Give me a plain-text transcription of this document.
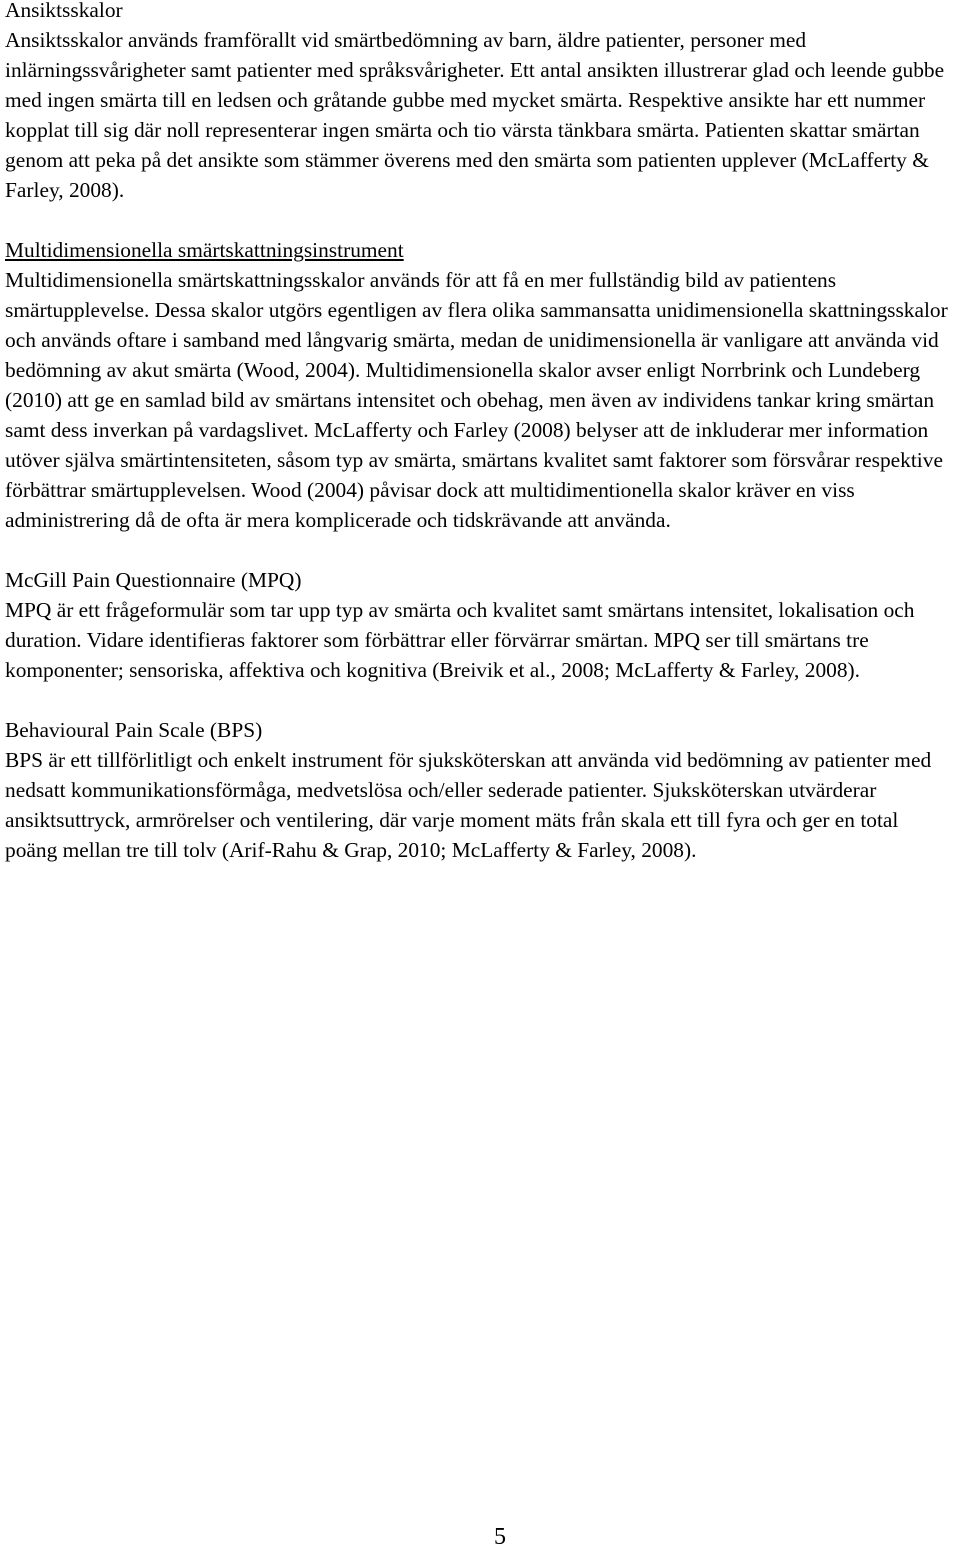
Ansiktsskalor
Ansiktsskalor används framförallt vid smärtbedömning av barn, äldre patienter, personer med inlärningssvårigheter samt patienter med språksvårigheter. Ett antal ansikten illustrerar glad och leende gubbe med ingen smärta till en ledsen och gråtande gubbe med mycket smärta. Respektive ansikte har ett nummer kopplat till sig där noll representerar ingen smärta och tio värsta tänkbara smärta. Patienten skattar smärtan genom att peka på det ansikte som stämmer överens med den smärta som patienten upplever (McLafferty & Farley, 2008).
Multidimensionella smärtskattningsinstrument
Multidimensionella smärtskattningsskalor används för att få en mer fullständig bild av patientens smärtupplevelse. Dessa skalor utgörs egentligen av flera olika sammansatta unidimensionella skattningsskalor och används oftare i samband med långvarig smärta, medan de unidimensionella är vanligare att använda vid bedömning av akut smärta (Wood, 2004). Multidimensionella skalor avser enligt Norrbrink och Lundeberg (2010) att ge en samlad bild av smärtans intensitet och obehag, men även av individens tankar kring smärtan samt dess inverkan på vardagslivet. McLafferty och Farley (2008) belyser att de inkluderar mer information utöver själva smärtintensiteten, såsom typ av smärta, smärtans kvalitet samt faktorer som försvårar respektive förbättrar smärtupplevelsen. Wood (2004) påvisar dock att multidimentionella skalor kräver en viss administrering då de ofta är mera komplicerade och tidskrävande att använda.
McGill Pain Questionnaire (MPQ)
MPQ är ett frågeformulär som tar upp typ av smärta och kvalitet samt smärtans intensitet, lokalisation och duration. Vidare identifieras faktorer som förbättrar eller förvärrar smärtan. MPQ ser till smärtans tre komponenter; sensoriska, affektiva och kognitiva (Breivik et al., 2008; McLafferty & Farley, 2008).
Behavioural Pain Scale (BPS)
BPS är ett tillförlitligt och enkelt instrument för sjuksköterskan att använda vid bedömning av patienter med nedsatt kommunikationsförmåga, medvetslösa och/eller sederade patienter. Sjuksköterskan utvärderar ansiktsuttryck, armrörelser och ventilering, där varje moment mäts från skala ett till fyra och ger en total poäng mellan tre till tolv (Arif-Rahu & Grap, 2010; McLafferty & Farley, 2008).
5
